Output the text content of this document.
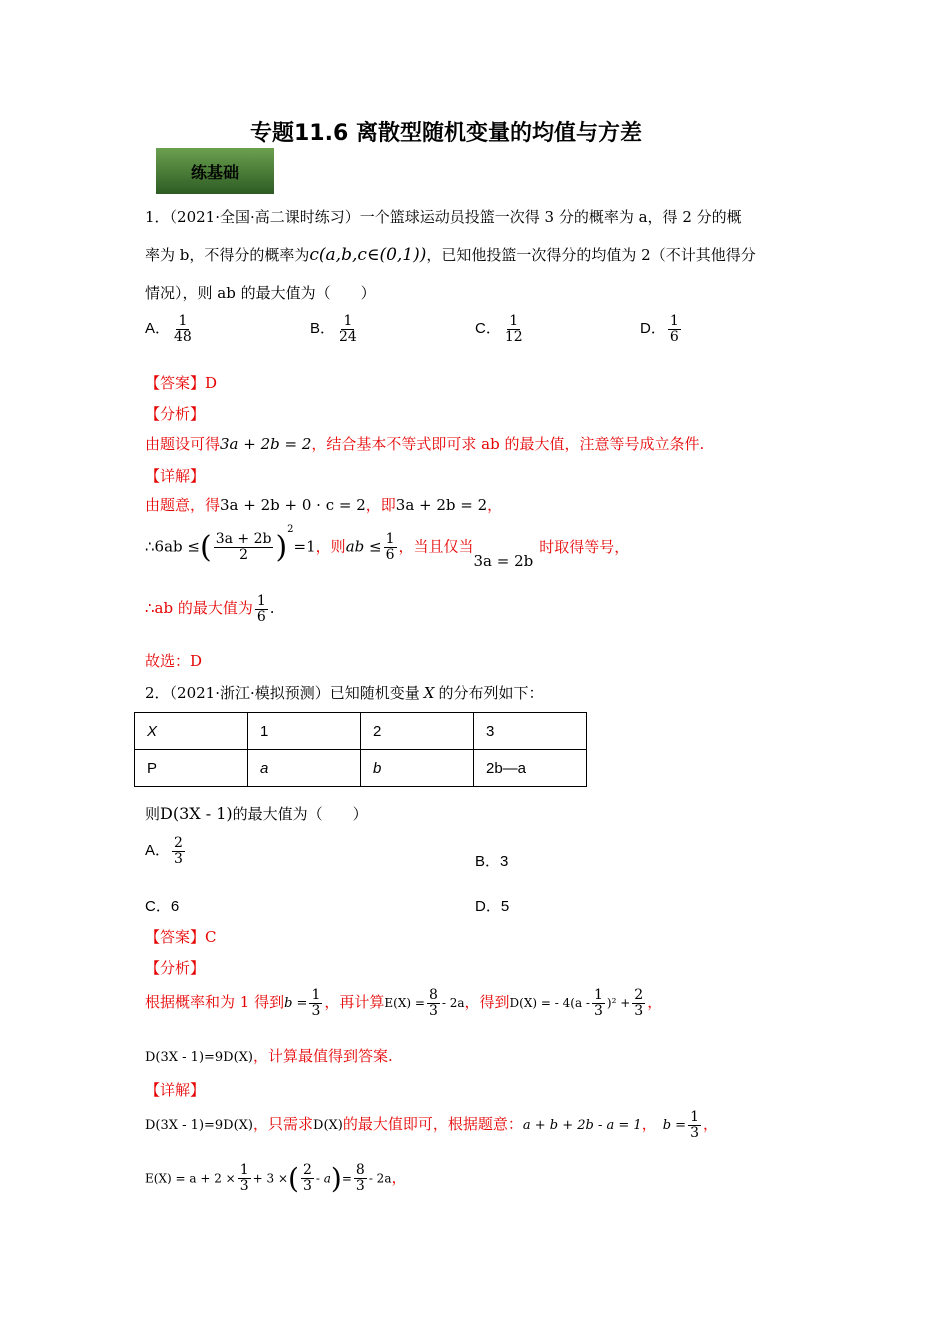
专题11.6 离散型随机变量的均值与方差
练基础
1．（2021·全国·高二课时练习）一个篮球运动员投篮一次得 3 分的概率为 a，得 2 分的概
率为 b，不得分的概率为c(a,b,c∈(0,1))，已知他投篮一次得分的均值为 2（不计其他得分
情况），则 ab 的最大值为（　　）
A． $\frac{1}{48}$	B． $\frac{1}{24}$	C． $\frac{1}{12}$	D． $\frac{1}{6}$
【答案】D
【分析】
由题设可得3a + 2b = 2，结合基本不等式即可求 ab 的最大值，注意等号成立条件.
【详解】
由题意，得3a + 2b + 0 · c = 2，即3a + 2b = 2，
∴6ab ≤( $\frac{3a + 2b}{2} )^2=1$，则ab ≤ $\frac{1}{6}$ ，当且仅当3a = 2b时取得等号，
∴ab 的最大值为 $\frac{1}{6}$ .
故选：D
2．（2021·浙江·模拟预测）已知随机变量 X 的分布列如下：
X	1	2	3
P	a	b	2b—a
则D(3X - 1)的最大值为（　　）
A． $\frac{2}{3}$	B．3
C．6	D．5
【答案】C
【分析】
根据概率和为 1 得到$b = \frac{1}{3}$ ，再计算$E(X) = \frac{8}{3} - 2a$，得到D(X) = - $4(a - \frac{1}{3} )^2 + \frac{2}{3}$ ，
D(3X - 1)=9D(X)，计算最值得到答案.
【详解】
D(3X - 1)=9D(X)，只需求D(X)的最大值即可，根据题意：a + b + 2b - a = 1， $b = \frac{1}{3}$ ，
$E(X) = a + 2 \times \frac{1}{3} + 3$ ×( $\frac{2}{3} - a)= \frac{8}{3} - 2a$，
